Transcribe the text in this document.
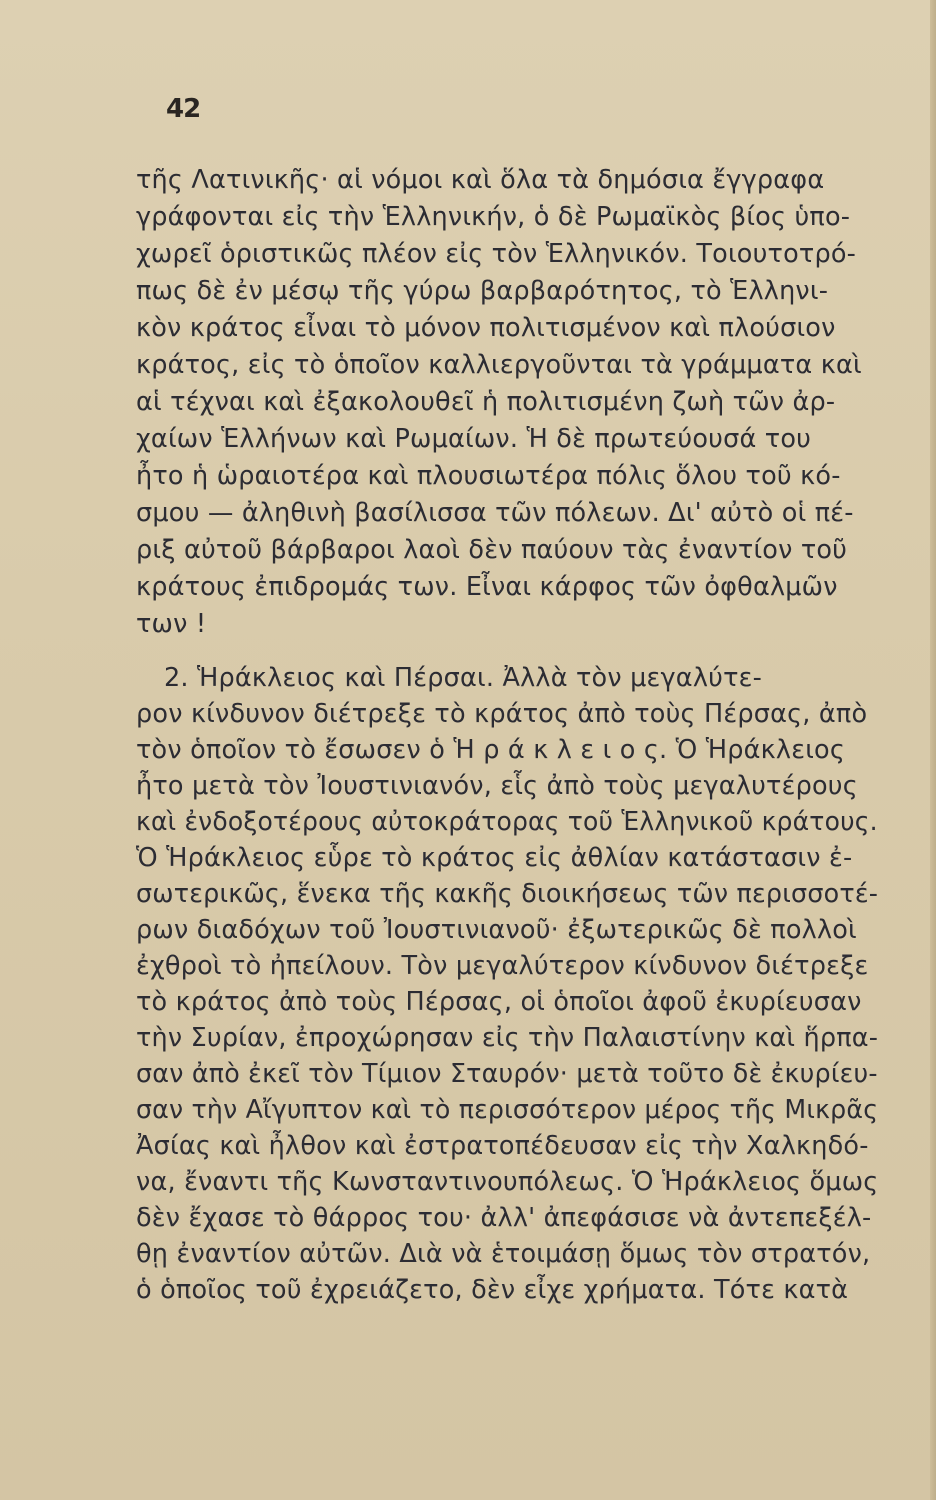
42
τῆς Λατινικῆς· αἱ νόμοι καὶ ὅλα τὰ δημόσια ἔγγραφα
γράφονται εἰς τὴν Ἑλληνικήν, ὁ δὲ Ρωμαϊκὸς βίος ὑπο-
χωρεῖ ὁριστικῶς πλέον εἰς τὸν Ἑλληνικόν. Τοιουτοτρό-
πως δὲ ἐν μέσῳ τῆς γύρω βαρβαρότητος, τὸ Ἑλληνι-
κὸν κράτος εἶναι τὸ μόνον πολιτισμένον καὶ πλούσιον
κράτος, εἰς τὸ ὁποῖον καλλιεργοῦνται τὰ γράμματα καὶ
αἱ τέχναι καὶ ἐξακολουθεῖ ἡ πολιτισμένη ζωὴ τῶν ἀρ-
χαίων Ἑλλήνων καὶ Ρωμαίων. Ἡ δὲ πρωτεύουσά του
ἦτο ἡ ὡραιοτέρα καὶ πλουσιωτέρα πόλις ὅλου τοῦ κό-
σμου — ἀληθινὴ βασίλισσα τῶν πόλεων. Δι' αὐτὸ οἱ πέ-
ριξ αὐτοῦ βάρβαροι λαοὶ δὲν παύουν τὰς ἐναντίον τοῦ
κράτους ἐπιδρομάς των. Εἶναι κάρφος τῶν ὀφθαλμῶν
των !
2. Ἡράκλειος καὶ Πέρσαι. Ἀλλὰ τὸν μεγαλύτε-
ρον κίνδυνον διέτρεξε τὸ κράτος ἀπὸ τοὺς Πέρσας, ἀπὸ
τὸν ὁποῖον τὸ ἔσωσεν ὁ Ἡ ρ ά κ λ ε ι ο ς. Ὁ Ἡράκλειος
ἦτο μετὰ τὸν Ἰουστινιανόν, εἷς ἀπὸ τοὺς μεγαλυτέρους
καὶ ἐνδοξοτέρους αὐτοκράτορας τοῦ Ἑλληνικοῦ κράτους.
Ὁ Ἡράκλειος εὗρε τὸ κράτος εἰς ἀθλίαν κατάστασιν ἐ-
σωτερικῶς, ἕνεκα τῆς κακῆς διοικήσεως τῶν περισσοτέ-
ρων διαδόχων τοῦ Ἰουστινιανοῦ· ἐξωτερικῶς δὲ πολλοὶ
ἐχθροὶ τὸ ἠπείλουν. Τὸν μεγαλύτερον κίνδυνον διέτρεξε
τὸ κράτος ἀπὸ τοὺς Πέρσας, οἱ ὁποῖοι ἀφοῦ ἐκυρίευσαν
τὴν Συρίαν, ἐπροχώρησαν εἰς τὴν Παλαιστίνην καὶ ἥρπα-
σαν ἀπὸ ἐκεῖ τὸν Τίμιον Σταυρόν· μετὰ τοῦτο δὲ ἐκυρίευ-
σαν τὴν Αἴγυπτον καὶ τὸ περισσότερον μέρος τῆς Μικρᾶς
Ἀσίας καὶ ἦλθον καὶ ἐστρατοπέδευσαν εἰς τὴν Χαλκηδό-
να, ἔναντι τῆς Κωνσταντινουπόλεως. Ὁ Ἡράκλειος ὅμως
δὲν ἔχασε τὸ θάρρος του· ἀλλ' ἀπεφάσισε νὰ ἀντεπεξέλ-
θῃ ἐναντίον αὐτῶν. Διὰ νὰ ἑτοιμάσῃ ὅμως τὸν στρατόν,
ὁ ὁποῖος τοῦ ἐχρειάζετο, δὲν εἶχε χρήματα. Τότε κατὰ
